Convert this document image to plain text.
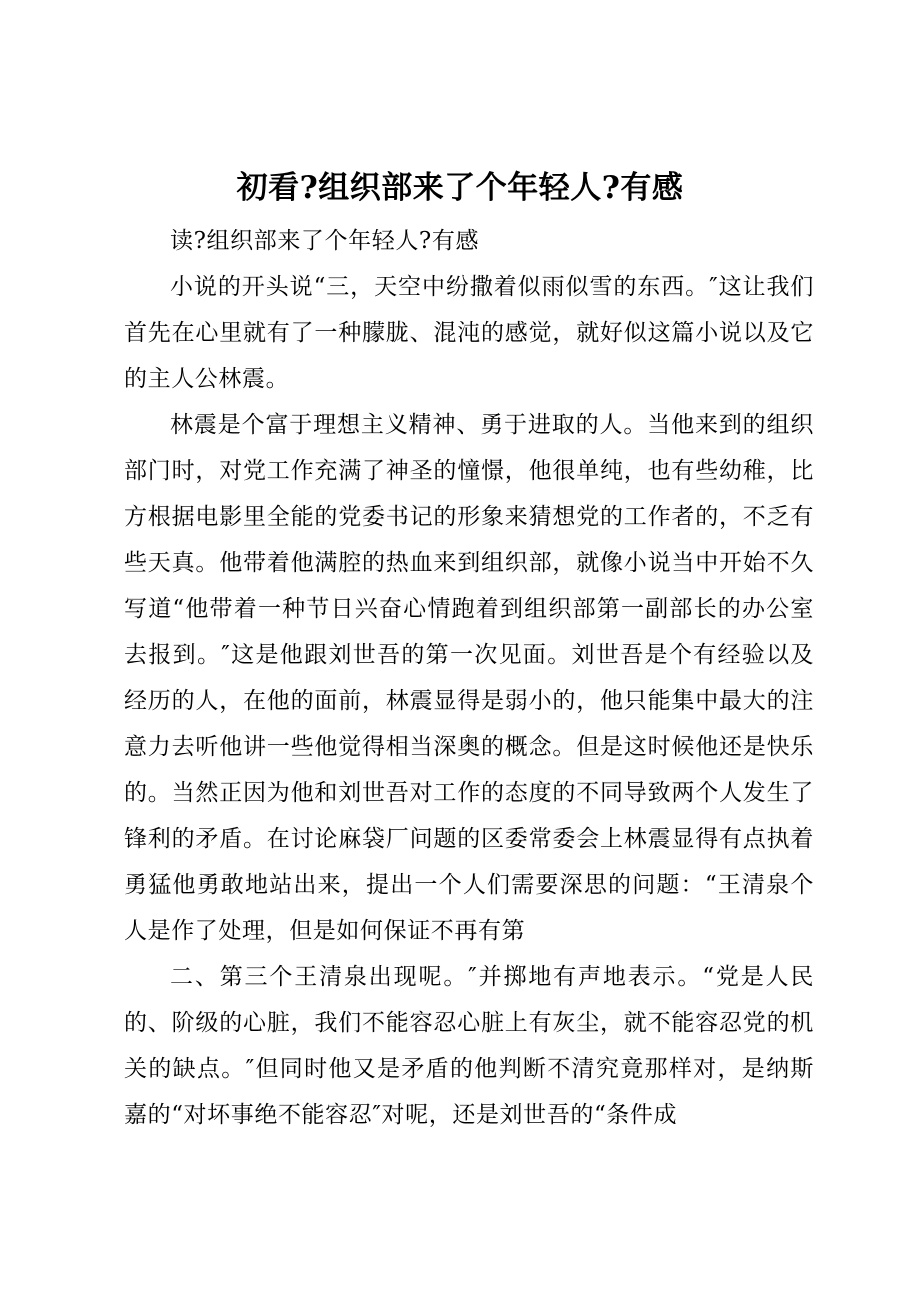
初看?组织部来了个年轻人?有感

读?组织部来了个年轻人?有感

小说的开头说“三，天空中纷撒着似雨似雪的东西。″这让我们首先在心里就有了一种朦胧、混沌的感觉，就好似这篇小说以及它的主人公林震。

林震是个富于理想主义精神、勇于进取的人。当他来到的组织部门时，对党工作充满了神圣的憧憬，他很单纯，也有些幼稚，比方根据电影里全能的党委书记的形象来猜想党的工作者的，不乏有些天真。他带着他满腔的热血来到组织部，就像小说当中开始不久写道“他带着一种节日兴奋心情跑着到组织部第一副部长的办公室去报到。″这是他跟刘世吾的第一次见面。刘世吾是个有经验以及经历的人，在他的面前，林震显得是弱小的，他只能集中最大的注意力去听他讲一些他觉得相当深奥的概念。但是这时候他还是快乐的。当然正因为他和刘世吾对工作的态度的不同导致两个人发生了锋利的矛盾。在讨论麻袋厂问题的区委常委会上林震显得有点执着勇猛他勇敢地站出来，提出一个人们需要深思的问题：“王清泉个人是作了处理，但是如何保证不再有第

二、第三个王清泉出现呢。″并掷地有声地表示。“党是人民的、阶级的心脏，我们不能容忍心脏上有灰尘，就不能容忍党的机关的缺点。″但同时他又是矛盾的他判断不清究竟那样对，是纳斯嘉的“对坏事绝不能容忍″对呢，还是刘世吾的“条件成
